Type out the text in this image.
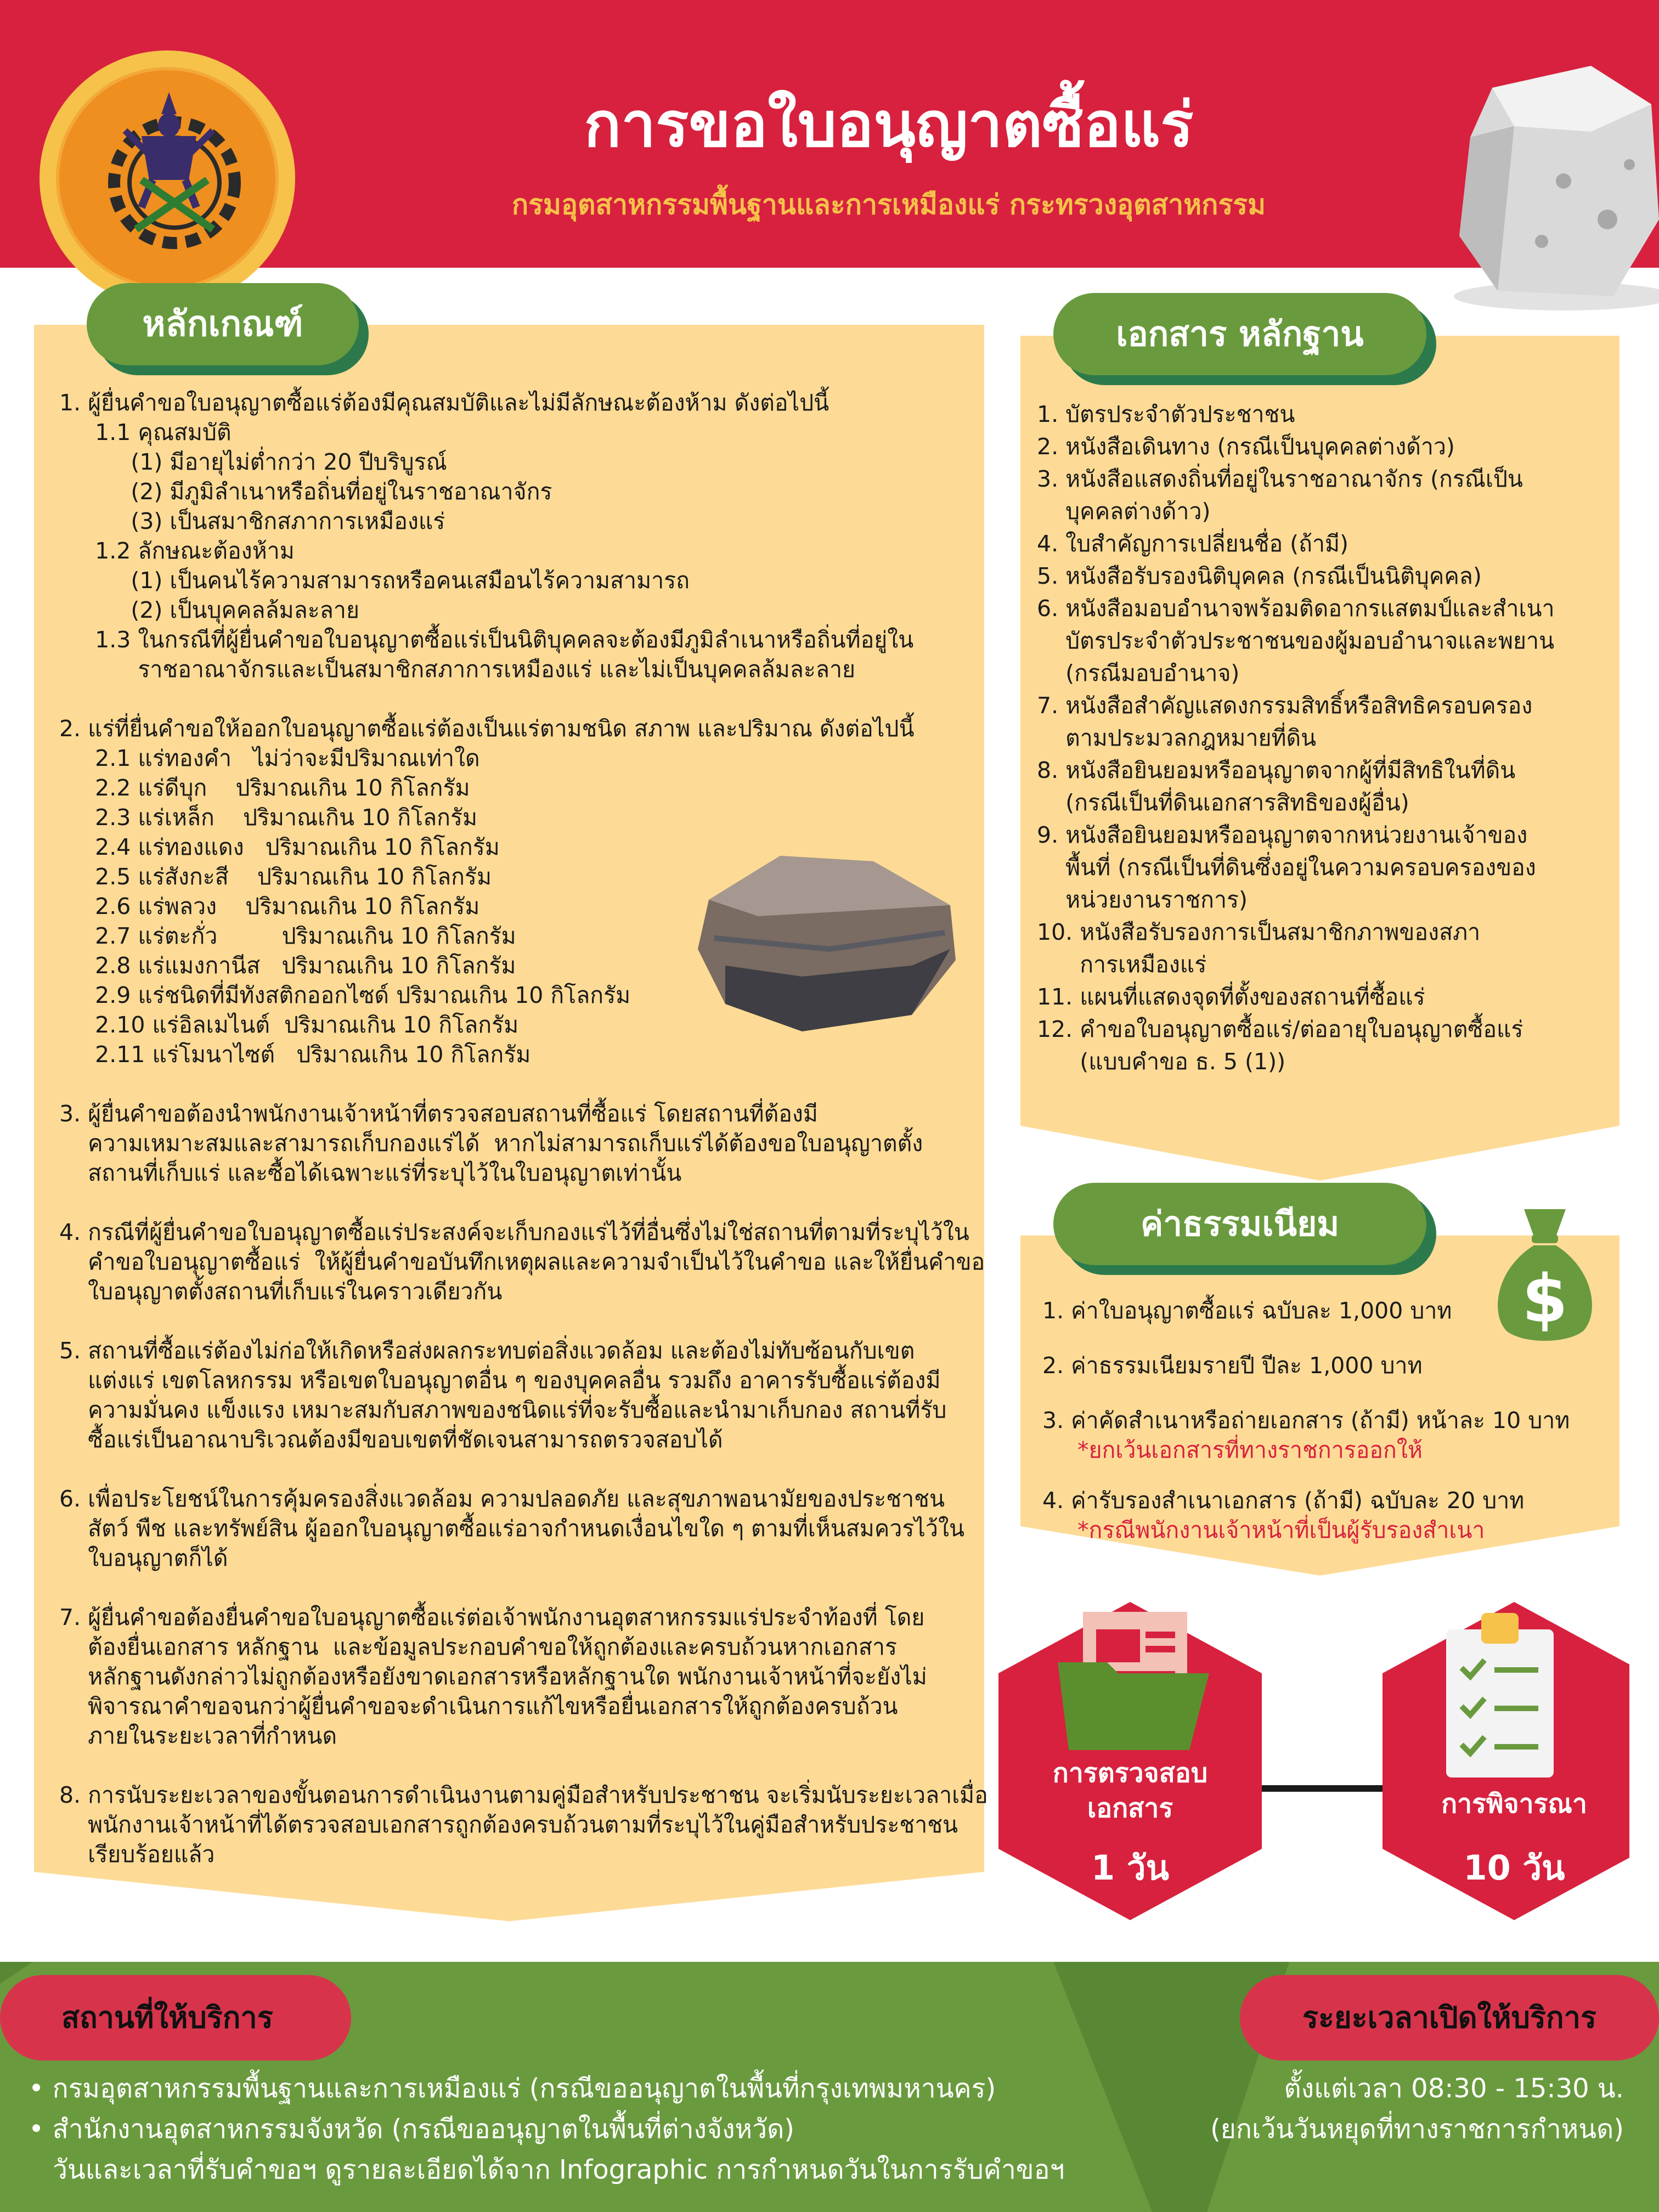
การขอใบอนุญาตซื้อแร่
กรมอุตสาหกรรมพื้นฐานและการเหมืองแร่ กระทรวงอุตสาหกรรม
หลักเกณฑ์
1. ผู้ยื่นคำขอใบอนุญาตซื้อแร่ต้องมีคุณสมบัติและไม่มีลักษณะต้องห้าม ดังต่อไปนี้
1.1 คุณสมบัติ
(1) มีอายุไม่ต่ำกว่า 20 ปีบริบูรณ์
(2) มีภูมิลำเนาหรือถิ่นที่อยู่ในราชอาณาจักร
(3) เป็นสมาชิกสภาการเหมืองแร่
1.2 ลักษณะต้องห้าม
(1) เป็นคนไร้ความสามารถหรือคนเสมือนไร้ความสามารถ
(2) เป็นบุคคลล้มละลาย
1.3 ในกรณีที่ผู้ยื่นคำขอใบอนุญาตซื้อแร่เป็นนิติบุคคลจะต้องมีภูมิลำเนาหรือถิ่นที่อยู่ใน
ราชอาณาจักรและเป็นสมาชิกสภาการเหมืองแร่ และไม่เป็นบุคคลล้มละลาย
2. แร่ที่ยื่นคำขอให้ออกใบอนุญาตซื้อแร่ต้องเป็นแร่ตามชนิด สภาพ และปริมาณ ดังต่อไปนี้
2.1 แร่ทองคำ   ไม่ว่าจะมีปริมาณเท่าใด
2.2 แร่ดีบุก    ปริมาณเกิน 10 กิโลกรัม
2.3 แร่เหล็ก    ปริมาณเกิน 10 กิโลกรัม
2.4 แร่ทองแดง   ปริมาณเกิน 10 กิโลกรัม
2.5 แร่สังกะสี    ปริมาณเกิน 10 กิโลกรัม
2.6 แร่พลวง    ปริมาณเกิน 10 กิโลกรัม
2.7 แร่ตะกั่ว         ปริมาณเกิน 10 กิโลกรัม
2.8 แร่แมงกานีส   ปริมาณเกิน 10 กิโลกรัม
2.9 แร่ชนิดที่มีทังสติกออกไซด์ ปริมาณเกิน 10 กิโลกรัม
2.10 แร่อิลเมไนต์  ปริมาณเกิน 10 กิโลกรัม
2.11 แร่โมนาไซต์   ปริมาณเกิน 10 กิโลกรัม
3. ผู้ยื่นคำขอต้องนำพนักงานเจ้าหน้าที่ตรวจสอบสถานที่ซื้อแร่ โดยสถานที่ต้องมี
ความเหมาะสมและสามารถเก็บกองแร่ได้  หากไม่สามารถเก็บแร่ได้ต้องขอใบอนุญาตตั้ง
สถานที่เก็บแร่ และซื้อได้เฉพาะแร่ที่ระบุไว้ในใบอนุญาตเท่านั้น
4. กรณีที่ผู้ยื่นคำขอใบอนุญาตซื้อแร่ประสงค์จะเก็บกองแร่ไว้ที่อื่นซึ่งไม่ใช่สถานที่ตามที่ระบุไว้ใน
คำขอใบอนุญาตซื้อแร่  ให้ผู้ยื่นคำขอบันทึกเหตุผลและความจำเป็นไว้ในคำขอ และให้ยื่นคำขอ
ใบอนุญาตตั้งสถานที่เก็บแร่ในคราวเดียวกัน
5. สถานที่ซื้อแร่ต้องไม่ก่อให้เกิดหรือส่งผลกระทบต่อสิ่งแวดล้อม และต้องไม่ทับซ้อนกับเขต
แต่งแร่ เขตโลหกรรม หรือเขตใบอนุญาตอื่น ๆ ของบุคคลอื่น รวมถึง อาคารรับซื้อแร่ต้องมี
ความมั่นคง แข็งแรง เหมาะสมกับสภาพของชนิดแร่ที่จะรับซื้อและนำมาเก็บกอง สถานที่รับ
ซื้อแร่เป็นอาณาบริเวณต้องมีขอบเขตที่ชัดเจนสามารถตรวจสอบได้
6. เพื่อประโยชน์ในการคุ้มครองสิ่งแวดล้อม ความปลอดภัย และสุขภาพอนามัยของประชาชน
สัตว์ พืช และทรัพย์สิน ผู้ออกใบอนุญาตซื้อแร่อาจกำหนดเงื่อนไขใด ๆ ตามที่เห็นสมควรไว้ใน
ใบอนุญาตก็ได้
7. ผู้ยื่นคำขอต้องยื่นคำขอใบอนุญาตซื้อแร่ต่อเจ้าพนักงานอุตสาหกรรมแร่ประจำท้องที่ โดย
ต้องยื่นเอกสาร หลักฐาน  และข้อมูลประกอบคำขอให้ถูกต้องและครบถ้วนหากเอกสาร
หลักฐานดังกล่าวไม่ถูกต้องหรือยังขาดเอกสารหรือหลักฐานใด พนักงานเจ้าหน้าที่จะยังไม่
พิจารณาคำขอจนกว่าผู้ยื่นคำขอจะดำเนินการแก้ไขหรือยื่นเอกสารให้ถูกต้องครบถ้วน
ภายในระยะเวลาที่กำหนด
8. การนับระยะเวลาของขั้นตอนการดำเนินงานตามคู่มือสำหรับประชาชน จะเริ่มนับระยะเวลาเมื่อ
พนักงานเจ้าหน้าที่ได้ตรวจสอบเอกสารถูกต้องครบถ้วนตามที่ระบุไว้ในคู่มือสำหรับประชาชน
เรียบร้อยแล้ว
เอกสาร หลักฐาน
1. บัตรประจำตัวประชาชน
2. หนังสือเดินทาง (กรณีเป็นบุคคลต่างด้าว)
3. หนังสือแสดงถิ่นที่อยู่ในราชอาณาจักร (กรณีเป็น
บุคคลต่างด้าว)
4. ใบสำคัญการเปลี่ยนชื่อ (ถ้ามี)
5. หนังสือรับรองนิติบุคคล (กรณีเป็นนิติบุคคล)
6. หนังสือมอบอำนาจพร้อมติดอากรแสตมป์และสำเนา
บัตรประจำตัวประชาชนของผู้มอบอำนาจและพยาน
(กรณีมอบอำนาจ)
7. หนังสือสำคัญแสดงกรรมสิทธิ์หรือสิทธิครอบครอง
ตามประมวลกฎหมายที่ดิน
8. หนังสือยินยอมหรืออนุญาตจากผู้ที่มีสิทธิในที่ดิน
(กรณีเป็นที่ดินเอกสารสิทธิของผู้อื่น)
9. หนังสือยินยอมหรืออนุญาตจากหน่วยงานเจ้าของ
พื้นที่ (กรณีเป็นที่ดินซึ่งอยู่ในความครอบครองของ
หน่วยงานราชการ)
10. หนังสือรับรองการเป็นสมาชิกภาพของสภา
การเหมืองแร่
11. แผนที่แสดงจุดที่ตั้งของสถานที่ซื้อแร่
12. คำขอใบอนุญาตซื้อแร่/ต่ออายุใบอนุญาตซื้อแร่
(แบบคำขอ ธ. 5 (1))
ค่าธรรมเนียม
1. ค่าใบอนุญาตซื้อแร่ ฉบับละ 1,000 บาท
2. ค่าธรรมเนียมรายปี ปีละ 1,000 บาท
3. ค่าคัดสำเนาหรือถ่ายเอกสาร (ถ้ามี) หน้าละ 10 บาท
*ยกเว้นเอกสารที่ทางราชการออกให้
4. ค่ารับรองสำเนาเอกสาร (ถ้ามี) ฉบับละ 20 บาท
*กรณีพนักงานเจ้าหน้าที่เป็นผู้รับรองสำเนา
$
การตรวจสอบ
เอกสาร
1 วัน
การพิจารณา
10 วัน
สถานที่ให้บริการ	ระยะเวลาเปิดให้บริการ
• กรมอุตสาหกรรมพื้นฐานและการเหมืองแร่ (กรณีขออนุญาตในพื้นที่กรุงเทพมหานคร)
• สำนักงานอุตสาหกรรมจังหวัด (กรณีขออนุญาตในพื้นที่ต่างจังหวัด)
วันและเวลาที่รับคำขอฯ ดูรายละเอียดได้จาก Infographic การกำหนดวันในการรับคำขอฯ
ตั้งแต่เวลา 08:30 - 15:30 น.
(ยกเว้นวันหยุดที่ทางราชการกำหนด)
